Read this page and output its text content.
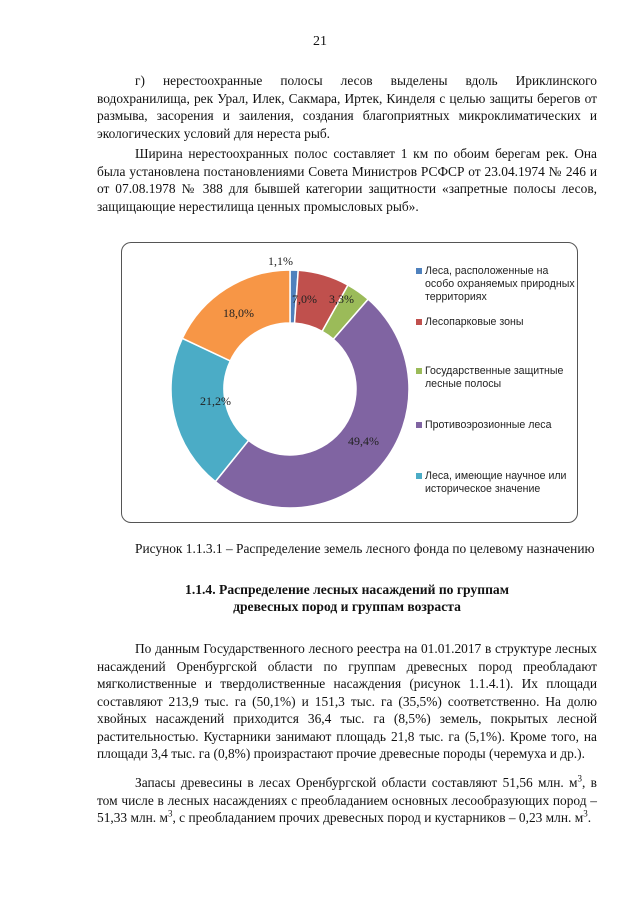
21

г) нерестоохранные полосы лесов выделены вдоль Ириклинского водохранилища, рек Урал, Илек, Сакмара, Иртек, Кинделя с целью защиты берегов от размыва, засорения и заиления, создания благоприятных микроклиматических и экологических условий для нереста рыб.

Ширина нерестоохранных полос составляет 1 км по обоим берегам рек. Она была установлена постановлениями Совета Министров РСФСР от 23.04.1974 № 246 и от 07.08.1978 № 388 для бывшей категории защитности «запретные полосы лесов, защищающие нерестилища ценных промысловых рыб».

1,1%
7,0% 3,3%
49,4%
21,2%
18,0%
Леса, расположенные на особо охраняемых природных территориях
Лесопарковые зоны
Государственные защитные лесные полосы
Противоэрозионные леса
Леса, имеющие научное или историческое значение

Рисунок 1.1.3.1 – Распределение земель лесного фонда по целевому назначению

1.1.4. Распределение лесных насаждений по группам
древесных пород и группам возраста

По данным Государственного лесного реестра на 01.01.2017 в структуре лесных насаждений Оренбургской области по группам древесных пород преобладают мягколиственные и твердолиственные насаждения (рисунок 1.1.4.1). Их площади составляют 213,9 тыс. га (50,1%) и 151,3 тыс. га (35,5%) соответственно. На долю хвойных насаждений приходится 36,4 тыс. га (8,5%) земель, покрытых лесной растительностью. Кустарники занимают площадь 21,8 тыс. га (5,1%). Кроме того, на площади 3,4 тыс. га (0,8%) произрастают прочие древесные породы (черемуха и др.).

Запасы древесины в лесах Оренбургской области составляют 51,56 млн. $м^3$, в том числе в лесных насаждениях с преобладанием основных лесообразующих пород – 51,33 млн. $м^3$, с преобладанием прочих древесных пород и кустарников – 0,23 млн. $м^3$.
